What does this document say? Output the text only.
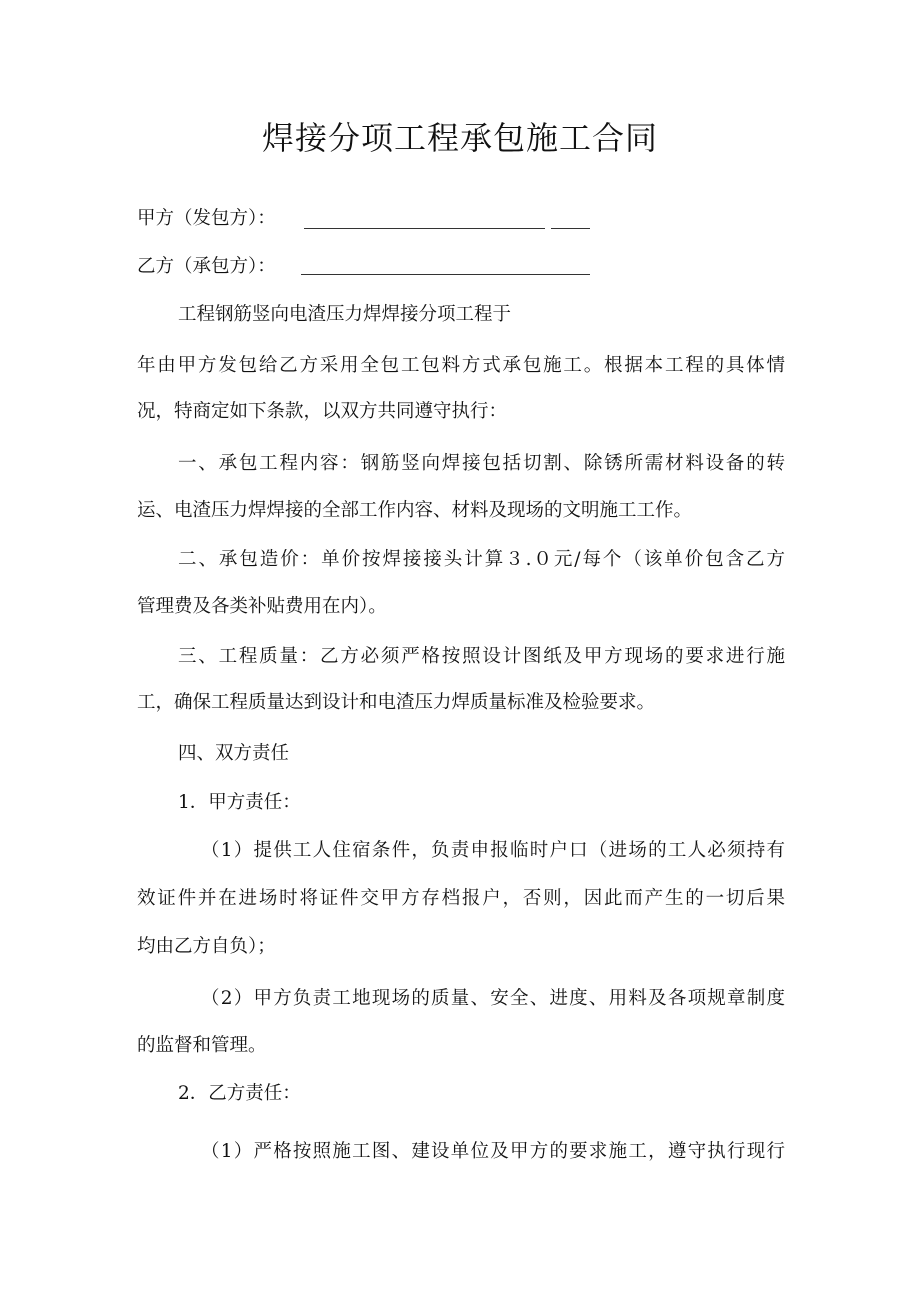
焊接分项工程承包施工合同
甲方（发包方）：
乙方（承包方）：
工程钢筋竖向电渣压力焊焊接分项工程于
年由甲方发包给乙方采用全包工包料方式承包施工。根据本工程的具体情
况，特商定如下条款，以双方共同遵守执行：
一、承包工程内容：钢筋竖向焊接包括切割、除锈所需材料设备的转
运、电渣压力焊焊接的全部工作内容、材料及现场的文明施工工作。
二、承包造价：单价按焊接接头计算３.０元/每个（该单价包含乙方
管理费及各类补贴费用在内）。
三、工程质量：乙方必须严格按照设计图纸及甲方现场的要求进行施
工，确保工程质量达到设计和电渣压力焊质量标准及检验要求。
四、双方责任
1．甲方责任：
（1）提供工人住宿条件，负责申报临时户口（进场的工人必须持有
效证件并在进场时将证件交甲方存档报户，否则，因此而产生的一切后果
均由乙方自负）；
（2）甲方负责工地现场的质量、安全、进度、用料及各项规章制度
的监督和管理。
2．乙方责任：
（1）严格按照施工图、建设单位及甲方的要求施工，遵守执行现行
